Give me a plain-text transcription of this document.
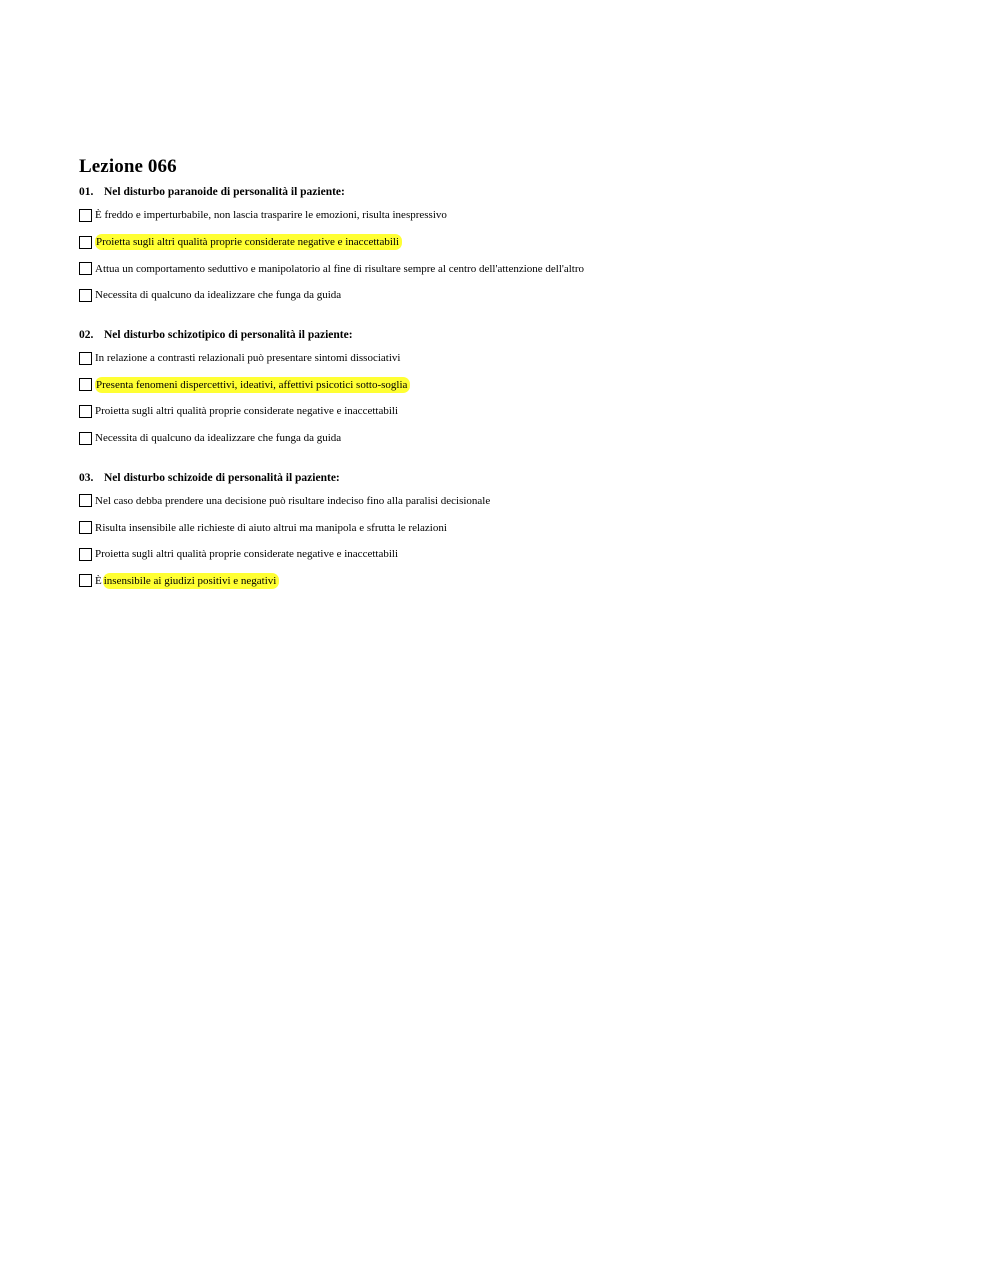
Lezione 066
01. Nel disturbo paranoide di personalità il paziente:
È freddo e imperturbabile, non lascia trasparire le emozioni, risulta inespressivo
Proietta sugli altri qualità proprie considerate negative e inaccettabili
Attua un comportamento seduttivo e manipolatorio al fine di risultare sempre al centro dell'attenzione dell'altro
Necessita di qualcuno da idealizzare che funga da guida
02. Nel disturbo schizotipico di personalità il paziente:
In relazione a contrasti relazionali può presentare sintomi dissociativi
Presenta fenomeni dispercettivi, ideativi, affettivi psicotici sotto-soglia
Proietta sugli altri qualità proprie considerate negative e inaccettabili
Necessita di qualcuno da idealizzare che funga da guida
03. Nel disturbo schizoide di personalità il paziente:
Nel caso debba prendere una decisione può risultare indeciso fino alla paralisi decisionale
Risulta insensibile alle richieste di aiuto altrui ma manipola e sfrutta le relazioni
Proietta sugli altri qualità proprie considerate negative e inaccettabili
È insensibile ai giudizi positivi e negativi
